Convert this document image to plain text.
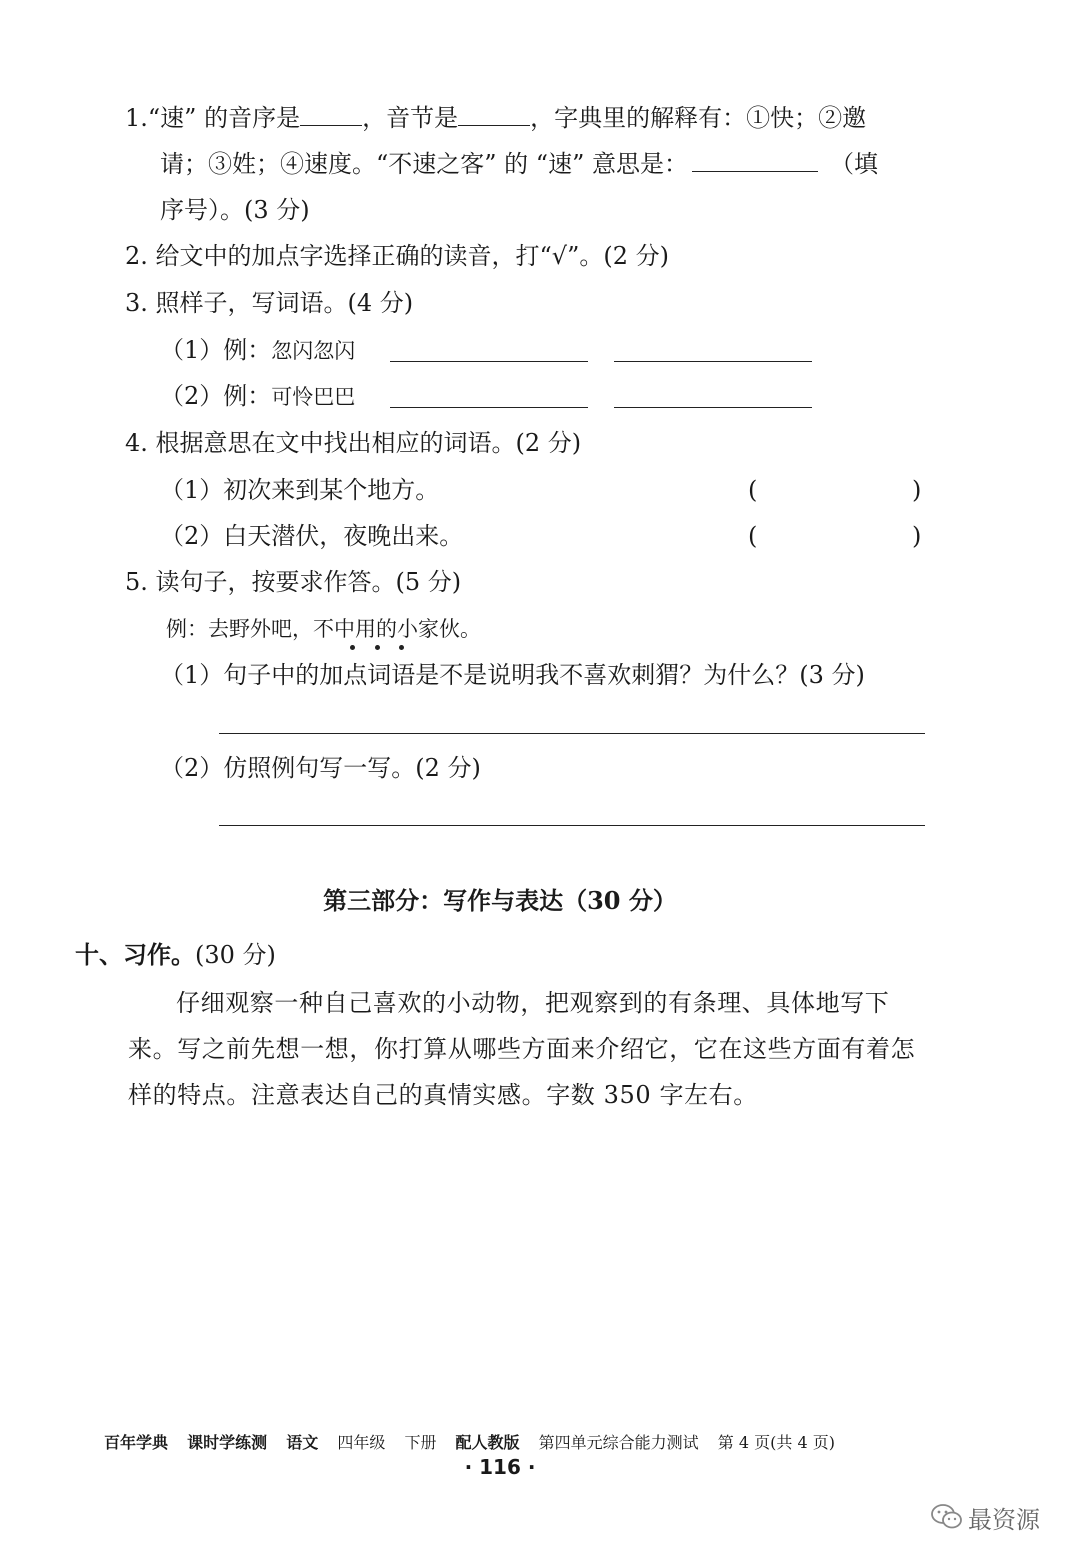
1.“速” 的音序是	，音节是	，字典里的解释有：①快；②邀
请；③姓；④速度。“不速之客” 的 “速” 意思是：	（填
序号）。(3 分)
2. 给文中的加点字选择正确的读音，打“√”。(2 分)
3. 照样子，写词语。(4 分)
（1）例：忽闪忽闪
（2）例：可怜巴巴
4. 根据意思在文中找出相应的词语。(2 分)
（1）初次来到某个地方。	(	)
（2）白天潜伏，夜晚出来。	(	)
5. 读句子，按要求作答。(5 分)
例：去野外吧，不中用的小家伙。
（1）句子中的加点词语是不是说明我不喜欢刺猬？为什么？(3 分)
（2）仿照例句写一写。(2 分)
第三部分：写作与表达（30 分）
十、习作。(30 分)
仔细观察一种自己喜欢的小动物，把观察到的有条理、具体地写下
来。写之前先想一想，你打算从哪些方面来介绍它，它在这些方面有着怎
样的特点。注意表达自己的真情实感。字数 350 字左右。
百年学典 课时学练测 语文 四年级 下册 配人教版 第四单元综合能力测试 第 4 页(共 4 页)
· 116 ·
最资源
